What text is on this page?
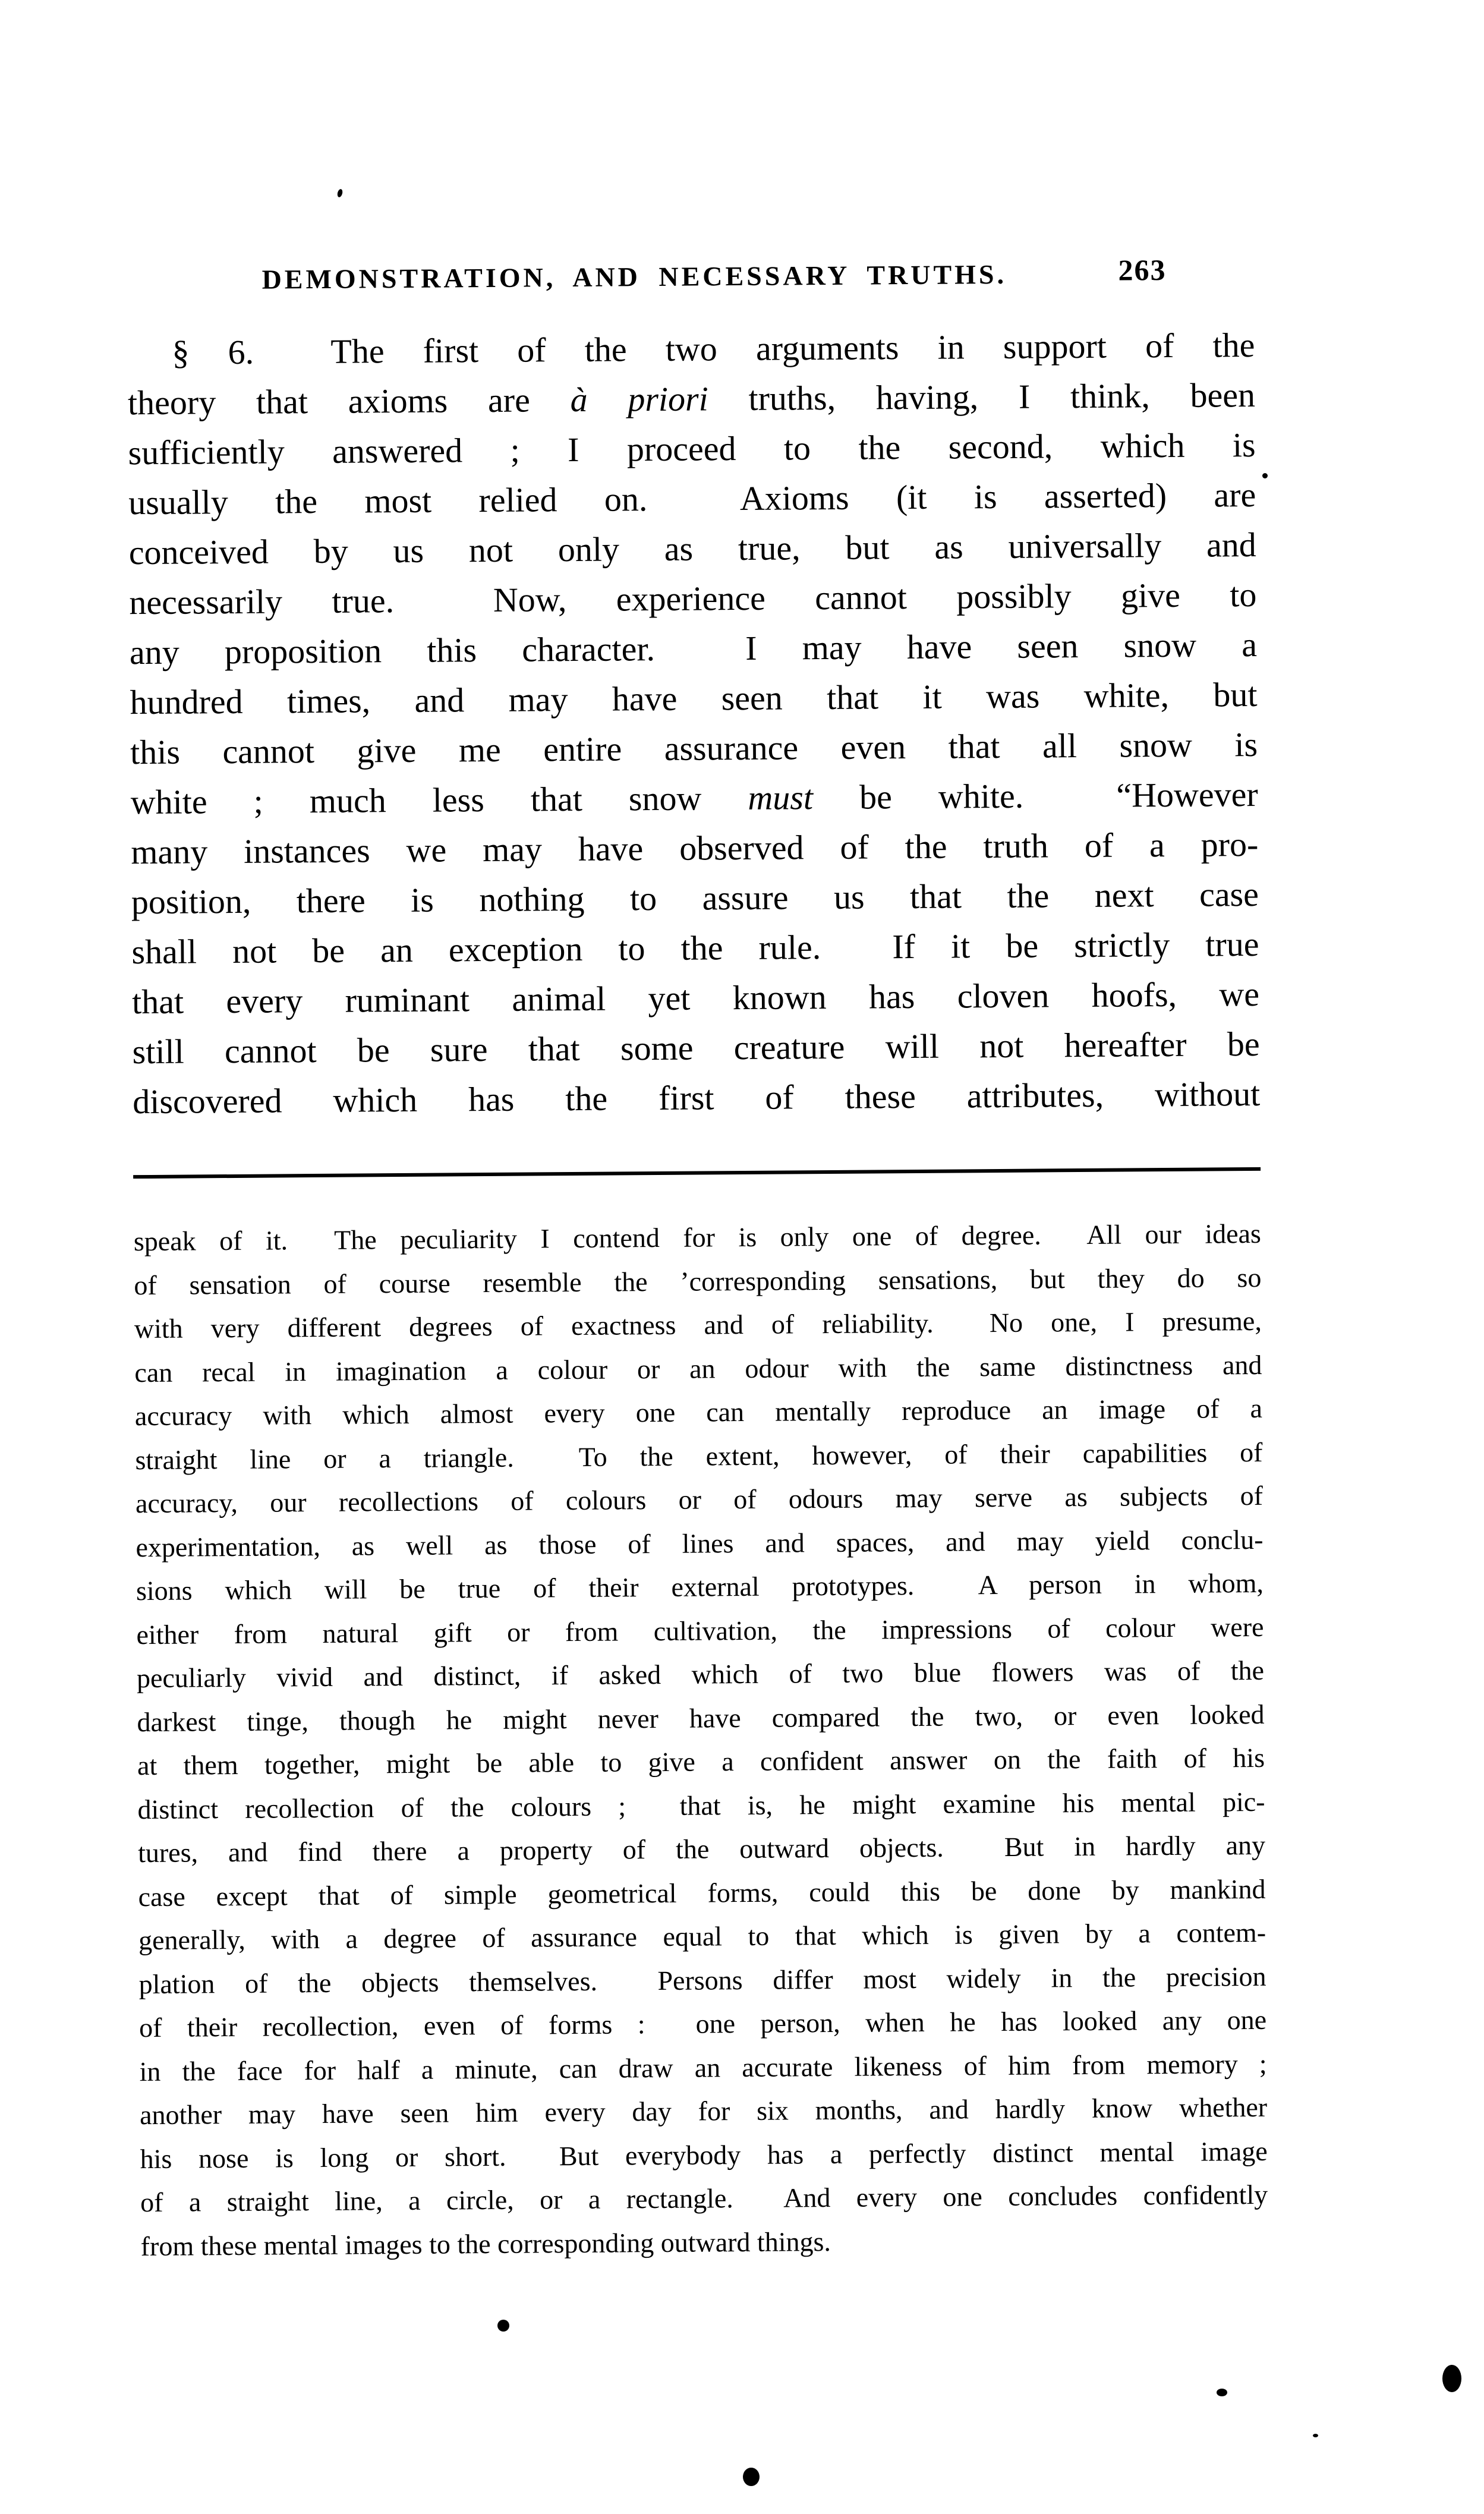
DEMONSTRATION, AND NECESSARY TRUTHS.	263
§ 6.  The first of the two arguments in support of the
theory that axioms are à priori truths, having, I think, been
sufficiently answered ; I proceed to the second, which is
usually the most relied on.  Axioms (it is asserted) are
conceived by us not only as true, but as universally and
necessarily true.  Now, experience cannot possibly give to
any proposition this character.  I may have seen snow a
hundred times, and may have seen that it was white, but
this cannot give me entire assurance even that all snow is
white ; much less that snow must be white.  “However
many instances we may have observed of the truth of a pro-
position, there is nothing to assure us that the next case
shall not be an exception to the rule.  If it be strictly true
that every ruminant animal yet known has cloven hoofs, we
still cannot be sure that some creature will not hereafter be
discovered which has the first of these attributes, without
speak of it.  The peculiarity I contend for is only one of degree.  All our ideas
of sensation of course resemble the ʼcorresponding sensations, but they do so
with very different degrees of exactness and of reliability.  No one, I presume,
can recal in imagination a colour or an odour with the same distinctness and
accuracy with which almost every one can mentally reproduce an image of a
straight line or a triangle.  To the extent, however, of their capabilities of
accuracy, our recollections of colours or of odours may serve as subjects of
experimentation, as well as those of lines and spaces, and may yield conclu-
sions which will be true of their external prototypes.  A person in whom,
either from natural gift or from cultivation, the impressions of colour were
peculiarly vivid and distinct, if asked which of two blue flowers was of the
darkest tinge, though he might never have compared the two, or even looked
at them together, might be able to give a confident answer on the faith of his
distinct recollection of the colours ;  that is, he might examine his mental pic-
tures, and find there a property of the outward objects.  But in hardly any
case except that of simple geometrical forms, could this be done by mankind
generally, with a degree of assurance equal to that which is given by a contem-
plation of the objects themselves.  Persons differ most widely in the precision
of their recollection, even of forms :  one person, when he has looked any one
in the face for half a minute, can draw an accurate likeness of him from memory ;
another may have seen him every day for six months, and hardly know whether
his nose is long or short.  But everybody has a perfectly distinct mental image
of a straight line, a circle, or a rectangle.  And every one concludes confidently
from these mental images to the corresponding outward things.
